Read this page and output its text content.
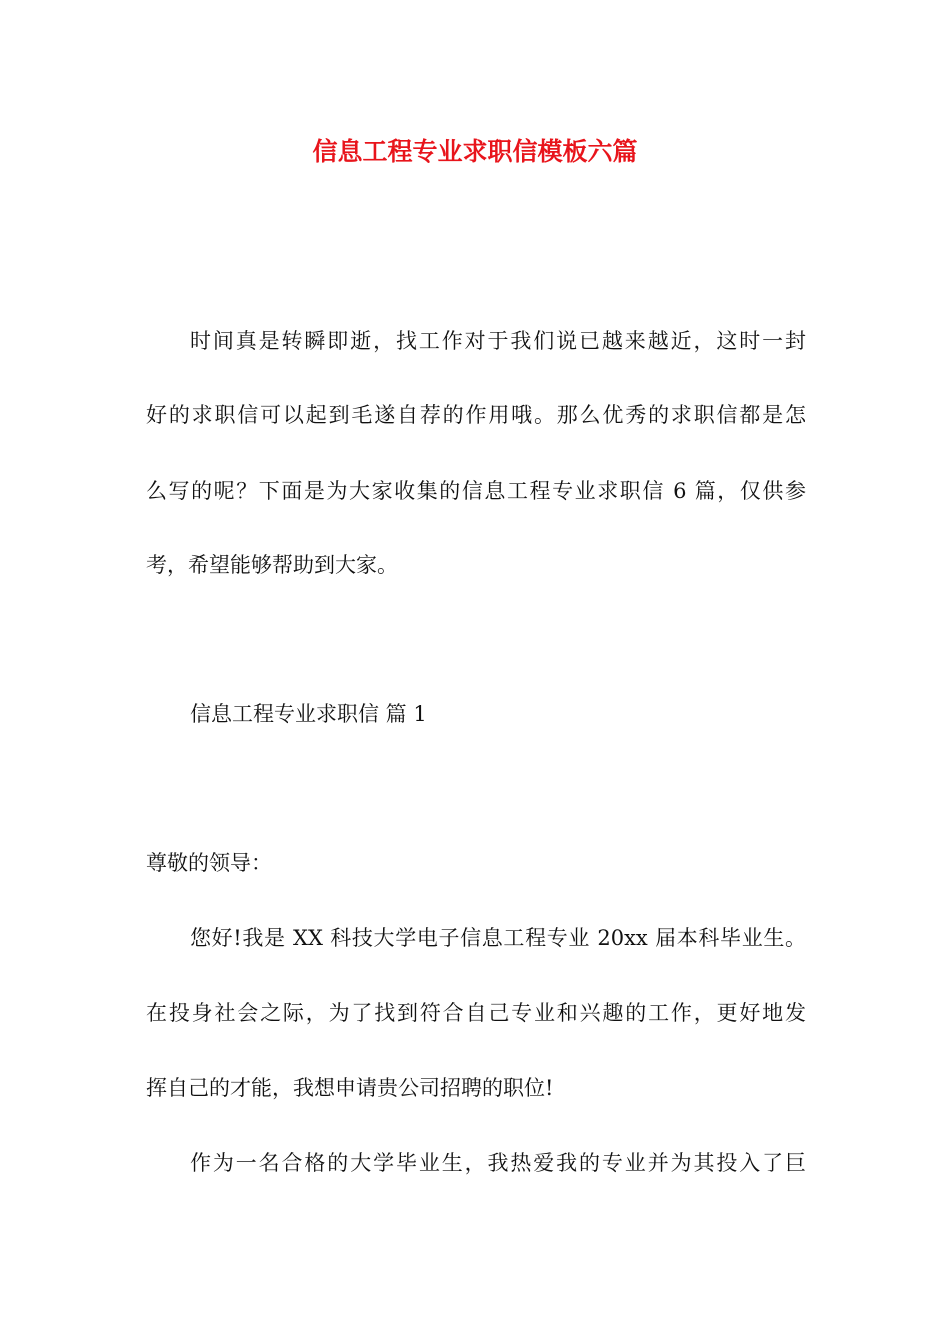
信息工程专业求职信模板六篇
时间真是转瞬即逝，找工作对于我们说已越来越近，这时一封
好的求职信可以起到毛遂自荐的作用哦。那么优秀的求职信都是怎
么写的呢？下面是为大家收集的信息工程专业求职信 6 篇，仅供参
考，希望能够帮助到大家。
信息工程专业求职信 篇 1
尊敬的领导：
您好!我是 XX 科技大学电子信息工程专业 20xx 届本科毕业生。
在投身社会之际，为了找到符合自己专业和兴趣的工作，更好地发
挥自己的才能，我想申请贵公司招聘的职位!
作为一名合格的大学毕业生，我热爱我的专业并为其投入了巨
